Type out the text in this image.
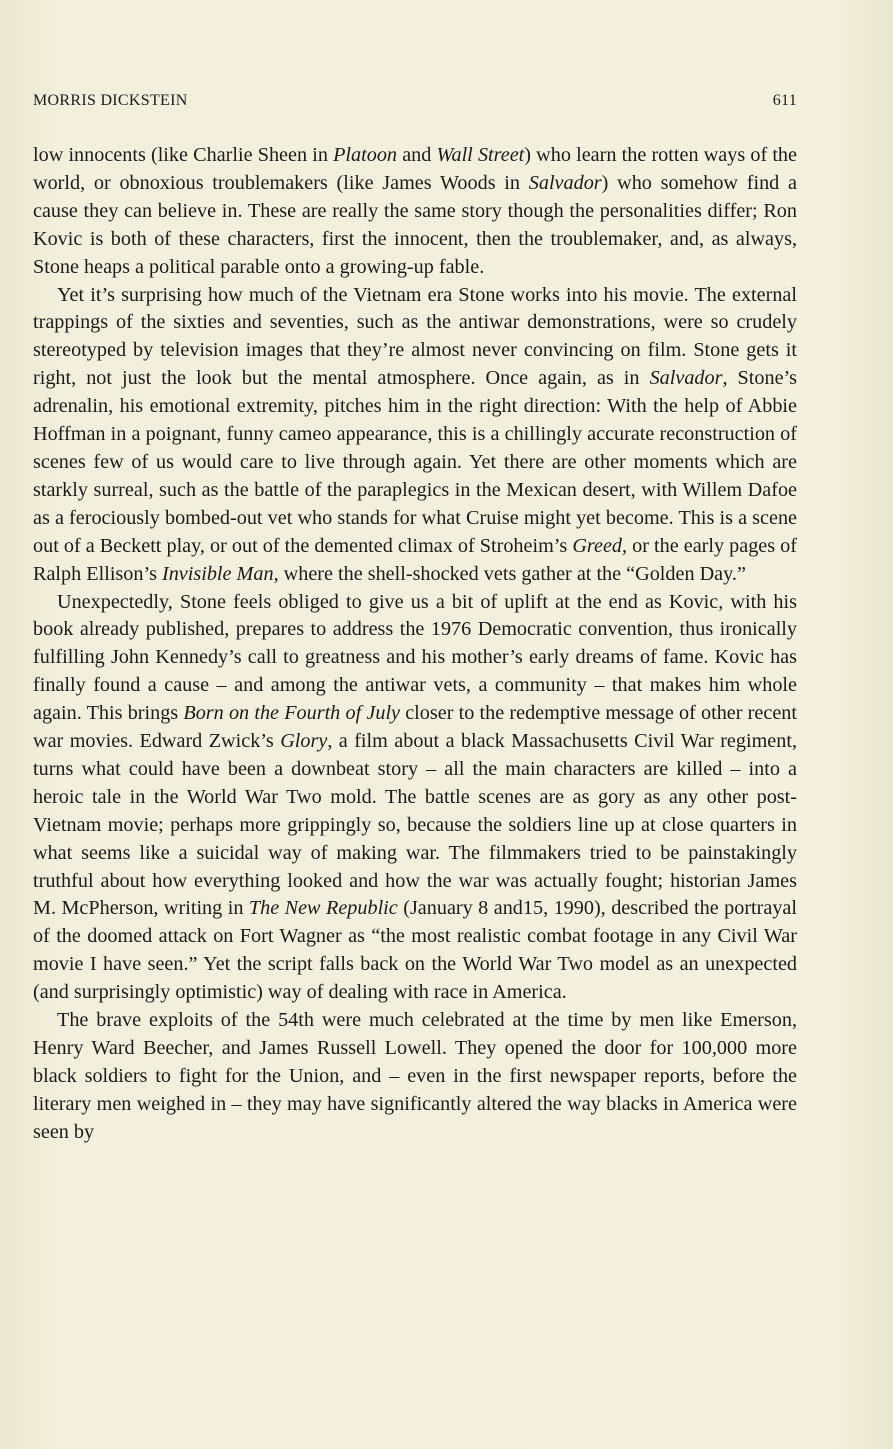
MORRIS DICKSTEIN	611

low innocents (like Charlie Sheen in Platoon and Wall Street) who learn the rotten ways of the world, or obnoxious troublemakers (like James Woods in Salvador) who somehow find a cause they can believe in. These are really the same story though the personalities differ; Ron Kovic is both of these characters, first the innocent, then the troublemaker, and, as always, Stone heaps a political parable onto a growing-up fable.

Yet it’s surprising how much of the Vietnam era Stone works into his movie. The external trappings of the sixties and seventies, such as the antiwar demonstrations, were so crudely stereotyped by television images that they’re almost never convincing on film. Stone gets it right, not just the look but the mental atmosphere. Once again, as in Salvador, Stone’s adrenalin, his emotional extremity, pitches him in the right direction: With the help of Abbie Hoffman in a poignant, funny cameo appearance, this is a chillingly accurate reconstruction of scenes few of us would care to live through again. Yet there are other moments which are starkly surreal, such as the battle of the paraplegics in the Mexican desert, with Willem Dafoe as a ferociously bombed-out vet who stands for what Cruise might yet become. This is a scene out of a Beckett play, or out of the demented climax of Stroheim’s Greed, or the early pages of Ralph Ellison’s Invisible Man, where the shell-shocked vets gather at the “Golden Day.”

Unexpectedly, Stone feels obliged to give us a bit of uplift at the end as Kovic, with his book already published, prepares to address the 1976 Democratic convention, thus ironically fulfilling John Kennedy’s call to greatness and his mother’s early dreams of fame. Kovic has finally found a cause – and among the antiwar vets, a community – that makes him whole again. This brings Born on the Fourth of July closer to the redemptive message of other recent war movies. Edward Zwick’s Glory, a film about a black Massachusetts Civil War regiment, turns what could have been a downbeat story – all the main characters are killed – into a heroic tale in the World War Two mold. The battle scenes are as gory as any other post-Vietnam movie; perhaps more grippingly so, because the soldiers line up at close quarters in what seems like a suicidal way of making war. The filmmakers tried to be painstakingly truthful about how everything looked and how the war was actually fought; historian James M. McPherson, writing in The New Republic (January 8 and15, 1990), described the portrayal of the doomed attack on Fort Wagner as “the most realistic combat footage in any Civil War movie I have seen.” Yet the script falls back on the World War Two model as an unexpected (and surprisingly optimistic) way of dealing with race in America.

The brave exploits of the 54th were much celebrated at the time by men like Emerson, Henry Ward Beecher, and James Russell Lowell. They opened the door for 100,000 more black soldiers to fight for the Union, and – even in the first newspaper reports, before the literary men weighed in – they may have significantly altered the way blacks in America were seen by
